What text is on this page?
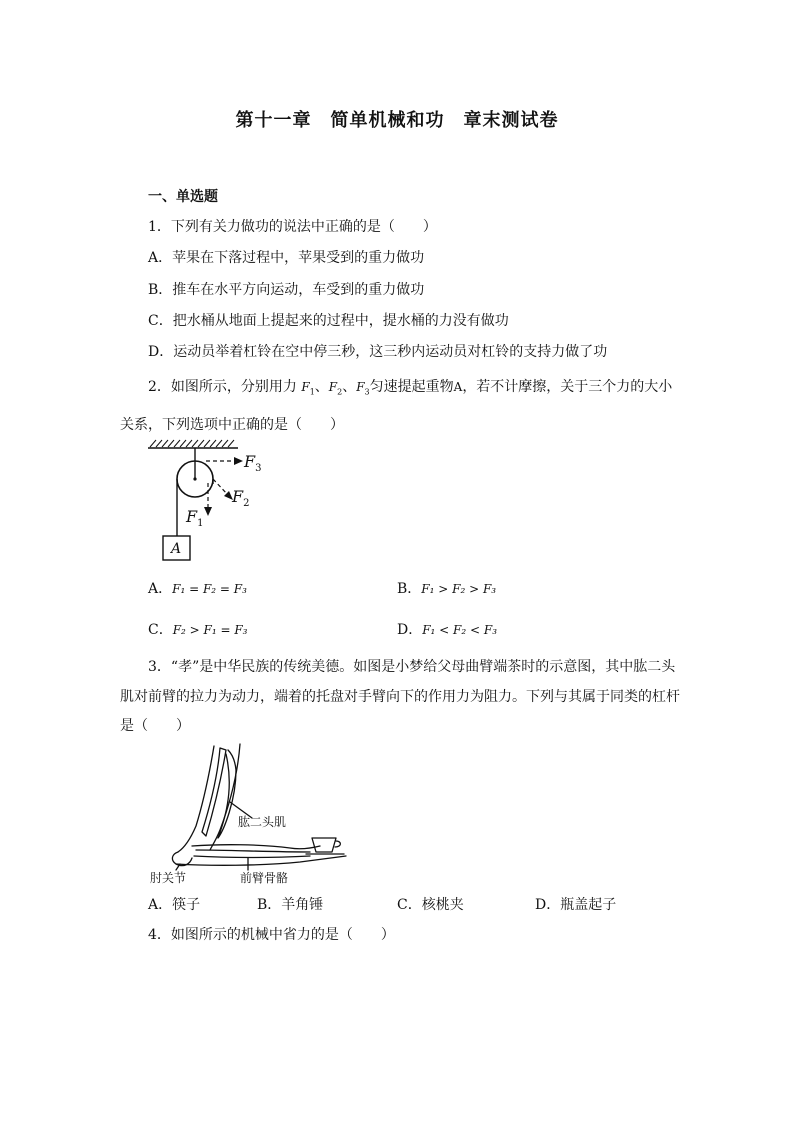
第十一章　简单机械和功　章末测试卷
一、单选题
1．下列有关力做功的说法中正确的是（　　）
A．苹果在下落过程中，苹果受到的重力做功
B．推车在水平方向运动，车受到的重力做功
C．把水桶从地面上提起来的过程中，提水桶的力没有做功
D．运动员举着杠铃在空中停三秒，这三秒内运动员对杠铃的支持力做了功
2．如图所示，分别用力 $F_1$、$F_2$、$F_3$匀速提起重物A，若不计摩擦，关于三个力的大小
关系，下列选项中正确的是（　　）
A
$F_3$
$F_2$
$F_1$
A．F₁ = F₂ = F₃	B．F₁ > F₂ > F₃
C．F₂ > F₁ = F₃	D．F₁ < F₂ < F₃
3．“孝”是中华民族的传统美德。如图是小梦给父母曲臂端茶时的示意图，其中肱二头
肌对前臂的拉力为动力，端着的托盘对手臂向下的作用力为阻力。下列与其属于同类的杠杆
是（　　）
肱二头肌
肘关节	前臂骨骼
A．筷子	B．羊角锤	C．核桃夹	D．瓶盖起子
4．如图所示的机械中省力的是（　　）
